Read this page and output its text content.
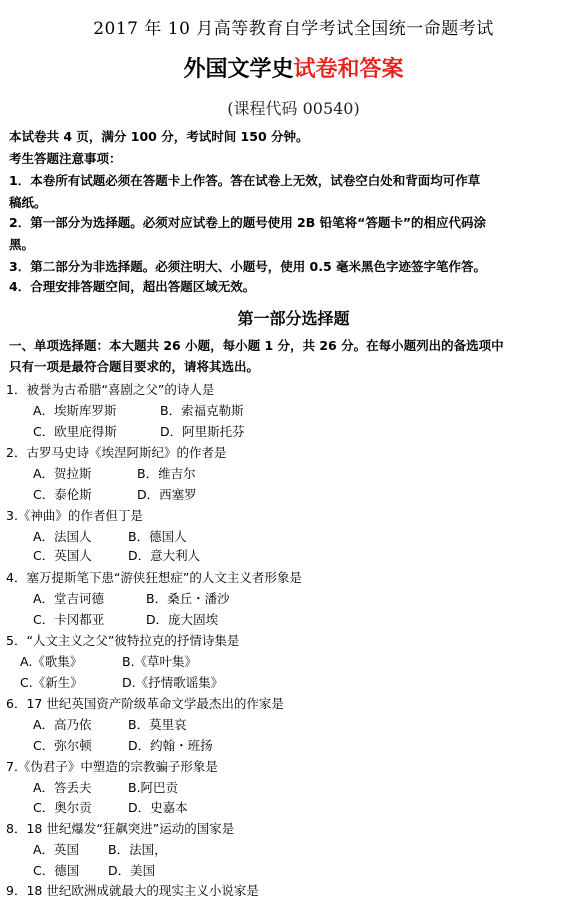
2017 年 10 月高等教育自学考试全国统一命题考试
外国文学史试卷和答案
(课程代码 00540)
本试卷共 4 页，满分 100 分，考试时间 150 分钟。
考生答题注意事项：
1．本卷所有试题必须在答题卡上作答。答在试卷上无效，试卷空白处和背面均可作草
稿纸。
2．第一部分为选择题。必须对应试卷上的题号使用 2B 铅笔将“答题卡”的相应代码涂
黑。
3．第二部分为非选择题。必须注明大、小题号，使用 0.5 毫米黑色字迹签字笔作答。
4．合理安排答题空间，超出答题区域无效。
第一部分选择题
一、单项选择题：本大题共 26 小题，每小题 1 分，共 26 分。在每小题列出的备选项中
只有一项是最符合题目要求的，请将其选出。
1．被誉为古希腊“喜剧之父”的诗人是
A．埃斯库罗斯	B．索福克勒斯
C．欧里庇得斯	D．阿里斯托芬
2．古罗马史诗《埃涅阿斯纪》的作者是
A．贺拉斯	B．维吉尔
C．泰伦斯	D．西塞罗
3.《神曲》的作者但丁是
A．法国人	B．德国人
C．英国人	D．意大利人
4．塞万提斯笔下患“游侠狂想症”的人文主义者形象是
A．堂吉诃德	B．桑丘・潘沙
C．卡冈都亚	D．庞大固埃
5．“人文主义之父”彼特拉克的抒情诗集是
A.《歌集》	B.《草叶集》
C.《新生》	D.《抒情歌谣集》
6．17 世纪英国资产阶级革命文学最杰出的作家是
A．高乃依	B．莫里哀
C．弥尔顿	D．约翰・班扬
7.《伪君子》中塑造的宗教骗子形象是
A．答丢夫	B.阿巴贡
C．奥尔贡	D．史嘉本
8．18 世纪爆发“狂飙突进”运动的国家是
A．英国 B．法国，
C．德国 D．美国
9．18 世纪欧洲成就最大的现实主义小说家是
